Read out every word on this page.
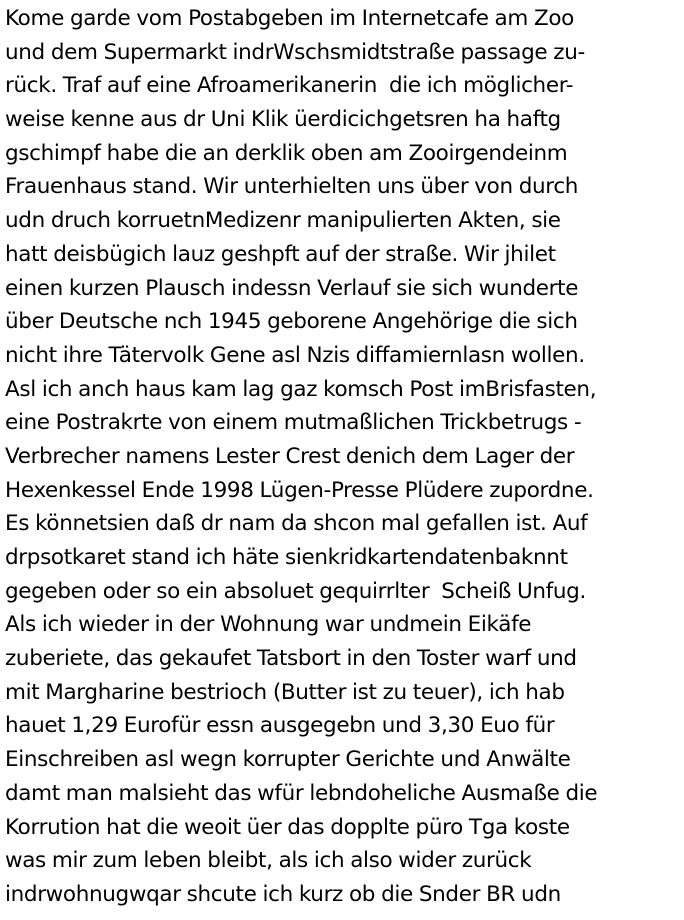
Kome garde vom Postabgeben im Internetcafe am Zoo
und dem Supermarkt indrWschsmidtstraße passage zu-
rück. Traf auf eine Afroamerikanerin  die ich möglicher-
weise kenne aus dr Uni Klik üerdicichgetsren ha haftg
gschimpf habe die an derklik oben am Zooirgendeinm
Frauenhaus stand. Wir unterhielten uns über von durch
udn druch korruetnMedizenr manipulierten Akten, sie
hatt deisbügich lauz geshpft auf der straße. Wir jhilet
einen kurzen Plausch indessn Verlauf sie sich wunderte
über Deutsche nch 1945 geborene Angehörige die sich
nicht ihre Tätervolk Gene asl Nzis diffamiernlasn wollen.
Asl ich anch haus kam lag gaz komsch Post imBrisfasten,
eine Postrakrte von einem mutmaßlichen Trickbetrugs -
Verbrecher namens Lester Crest denich dem Lager der
Hexenkessel Ende 1998 Lügen-Presse Plüdere zupordne.
Es könnetsien daß dr nam da shcon mal gefallen ist. Auf
drpsotkaret stand ich häte sienkridkartendatenbaknnt
gegeben oder so ein absoluet gequirrlter  Scheiß Unfug.
Als ich wieder in der Wohnung war undmein Eikäfe
zuberiete, das gekaufet Tatsbort in den Toster warf und
mit Margharine bestrioch (Butter ist zu teuer), ich hab
hauet 1,29 Eurofür essn ausgegebn und 3,30 Euo für
Einschreiben asl wegn korrupter Gerichte und Anwälte
damt man malsieht das wfür lebndoheliche Ausmaße die
Korrution hat die weoit üer das dopplte püro Tga koste
was mir zum leben bleibt, als ich also wider zurück
indrwohnugwqar shcute ich kurz ob die Snder BR udn
